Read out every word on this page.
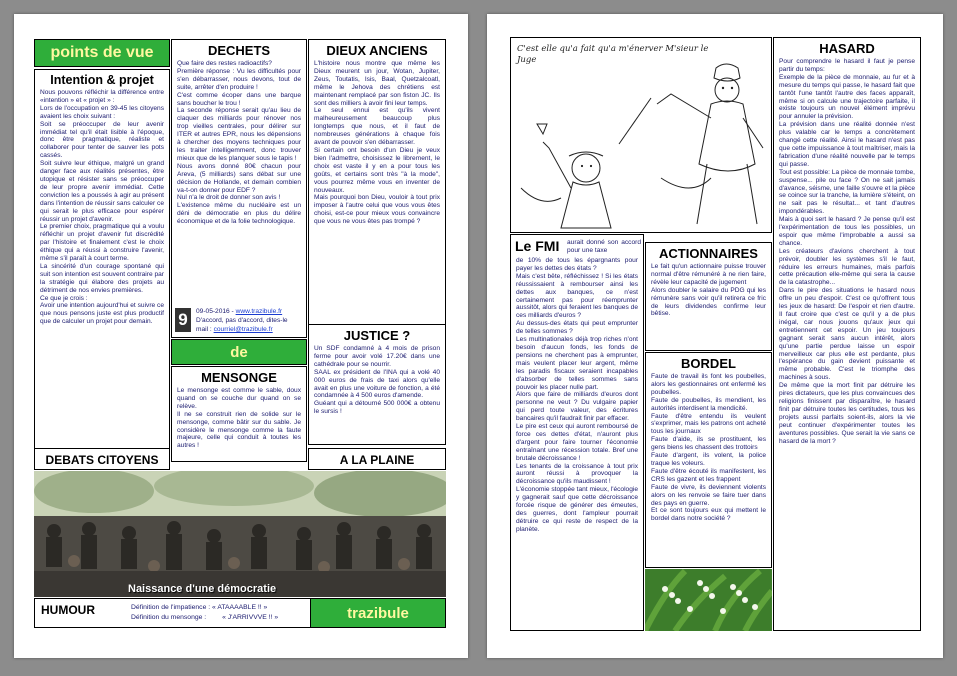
points de vue
Intention & projet
Nous pouvons réfléchir la différence entre «intention » et « projet » :
Lors de l'occupation en 39-45 les citoyens avaient les choix suivant :
Soit se préoccuper de leur avenir immédiat tel qu'il était lisible à l'époque, donc être pragmatique, réaliste et collaborer pour tenter de sauver les pots cassés.
Soit suivre leur éthique, malgré un grand danger face aux réalités présentes, être utopique et résister sans se préoccuper de leur propre avenir immédiat. Cette conviction les a poussés à agir au présent dans l'intention de réussir sans calculer ce qui serait le plus efficace pour espérer réussir un projet d'avenir.
Le premier choix, pragmatique qui a voulu réfléchir un projet d'avenir fut discrédité par l'histoire et finalement c'est le choix éthique qui a réussi à construire l'avenir, même s'il paraît à court terme.
La sincérité d'un courage spontané qui suit son intention est souvent contraire par la stratégie qui élabore des projets au détriment de nos envies premières.
Ce que je crois :
Avoir une intention aujourd'hui et suivre ce que nous pensons juste est plus productif que de calculer un projet pour demain.
DECHETS
Que faire des restes radioactifs?
Première réponse : Vu les difficultés pour s'en débarrasser, nous devons, tout de suite, arrêter d'en produire !
C'est comme écoper dans une barque sans boucher le trou !
La seconde réponse serait qu'au lieu de claquer des milliards pour rénover nos trop vieilles centrales, pour délirer sur ITER et autres EPR, nous les dépensions à chercher des moyens techniques pour les traiter intelligemment, donc trouver mieux que de les planquer sous le tapis !
Nous avons donné 80€ chacun pour Areva, (5 milliards) sans débat sur une décision de Hollande, et demain combien va-t-on donner pour EDF ?
Nul n'a le droit de donner son avis !
L'existence même du nucléaire est un déni de démocratie en plus du délire économique et de la folie technologique.
DIEUX ANCIENS
L'histoire nous montre que même les Dieux meurent un jour, Wotan, Jupiter, Zeus, Toutatis, Isis, Baal, Quetzalcoatl, même le Jehova des chrétiens est maintenant remplacé par son fiston JC. Ils sont des milliers à avoir fini leur temps.
Le seul ennui est qu'ils vivent malheureusement beaucoup plus longtemps que nous, et il faut de nombreuses générations à chaque fois avant de pouvoir s'en débarrasser.
Si certain ont besoin d'un Dieu je veux bien l'admettre, choisissez le librement, le choix est vaste il y en a pour tous les goûts, et certains sont très "à la mode", vous pourrez même vous en inventer de nouveaux.
Mais pourquoi bon Dieu, vouloir à tout prix imposer à l'autre celui que vous vous êtes choisi, est-ce pour mieux vous convaincre que vous ne vous êtes pas trompé ?
9	09-05-2016 - www.trazibule.fr
D'accord, pas d'accord, dites-le
mail : courriel@trazibule.fr
de
MENSONGE
Le mensonge est comme le sable, doux quand on se couche dur quand on se relève.
Il ne se construit rien de solide sur le mensonge, comme bâtir sur du sable. Je considère le mensonge comme la faute majeure, celle qui conduit à toutes les autres !
JUSTICE ?
Un SDF condamné à 4 mois de prison ferme pour avoir volé 17.20€ dans une cathédrale pour se nourrir.
SAAL ex président de l'INA qui a volé 40 000 euros de frais de taxi alors qu'elle avait en plus une voiture de fonction, a été condamnée à 4 500 euros d'amende.
Guéant qui a détourné 500 000€ a obtenu le sursis !
DEBATS CITOYENS	A LA PLAINE
Naissance d'une démocratie
HUMOUR	Définition de l'impatience : « ATAAAABLE !! »
Définition du mensonge : « J'ARRIVVVE !! »	trazibule
C'est elle qu'a fait qu'a m'énerver M'sieur le Juge
HASARD
Pour comprendre le hasard il faut je pense partir du temps:
Exemple de la pièce de monnaie, au fur et à mesure du temps qui passe, le hasard fait que tantôt l'une tantôt l'autre des faces apparaît, même si on calcule une trajectoire parfaite, il existe toujours un nouvel élément imprévu pour annuler la prévision.
La prévision dans une réalité donnée n'est plus valable car le temps a concrètement changé cette réalité. Ainsi le hasard n'est pas que cette impuissance à tout maîtriser, mais la fabrication d'une réalité nouvelle par le temps qui passe.
Tout est possible: La pièce de monnaie tombe, suspense... pile ou face ? On ne sait jamais d'avance, séisme, une faille s'ouvre et la pièce se coince sur la tranche, la lumière s'éteint, on ne sait pas le résultat... et tant d'autres impondérables.
Mais à quoi sert le hasard ? Je pense qu'il est l'expérimentation de tous les possibles, un espoir que même l'improbable a aussi sa chance.
Les créateurs d'avions cherchent à tout prévoir, doubler les systèmes s'il le faut, réduire les erreurs humaines, mais parfois cette précaution elle-même qui sera la cause de la catastrophe...
Dans le pire des situations le hasard nous offre un peu d'espoir. C'est ce qu'offrent tous les jeux de hasard: De l'espoir et rien d'autre. Il faut croire que c'est ce qu'il y a de plus inégal, car nous jouons qu'aux jeux qui entretiennent cet espoir. Un jeu toujours gagnant serait sans aucun intérêt, alors qu'une partie perdue laisse un espoir merveilleux car plus elle est perdante, plus l'espérance du gain devient puissante et même probable. C'est le triomphe des machines à sous.
De même que la mort finit par détruire les pires dictateurs, que les plus convaincues des religions finissent par disparaître, le hasard finit par détruire toutes les certitudes, tous les projets aussi parfaits soient-ils, alors la vie peut continuer d'expérimenter toutes les aventures possibles. Que serait la vie sans ce hasard de la mort ?
Le FMI aurait donné son accord pour une taxe
de 10% de tous les épargnants pour payer les dettes des états ?
Mais c'est bête, réfléchissez ! Si les états réussissaient à rembourser ainsi les dettes aux banques, ce n'est certainement pas pour réemprunter aussitôt, alors qui feraient les banques de ces milliards d'euros ?
Au dessus-des états qui peut emprunter de telles sommes ?
Les multinationales déjà trop riches n'ont besoin d'aucun fonds, les fonds de pensions ne cherchent pas à emprunter, mais veulent placer leur argent, même les paradis fiscaux seraient incapables d'absorber de telles sommes sans pouvoir les placer nulle part.
Alors que faire de milliards d'euros dont personne ne veut ? Du vulgaire papier qui perd toute valeur, des écritures bancaires qu'il faudrait finir par effacer.
Le pire est ceux qui auront remboursé de force ces dettes d'état, n'auront plus d'argent pour faire tourner l'économie entraînant une récession totale. Bref une brutale décroissance !
Les tenants de la croissance à tout prix auront réussi à provoquer la décroissance qu'ils maudissent !
L'économie stoppée tant mieux, l'écologie y gagnerait sauf que cette décroissance forcée risque de générer des émeutes, des guerres, dont l'ampleur pourrait détruire ce qui reste de respect de la planète.
ACTIONNAIRES
Le fait qu'un actionnaire puisse trouver normal d'être rémunéré à ne rien faire, révèle leur capacité de jugement
Alors doubler le salaire du PDG qui les rémunère sans voir qu'il retirera ce fric de leurs dividendes confirme leur bêtise.
BORDEL
Faute de travail ils font les poubelles, alors les gestionnaires ont enfermé les poubelles.
Faute de poubelles, ils mendient, les autorités interdisent la mendicité.
Faute d'être entendu ils veulent s'exprimer, mais les patrons ont acheté tous les journaux
Faute d'aide, ils se prostituent, les gens biens les chassent des trottoirs
Faute d'argent, ils volent, la police traque les voleurs.
Faute d'être écouté ils manifestent, les CRS les gazent et les frappent
Faute de vivre, ils deviennent violents alors on les renvoie se faire tuer dans des pays en guerre.
Et ce sont toujours eux qui mettent le bordel dans notre société ?
